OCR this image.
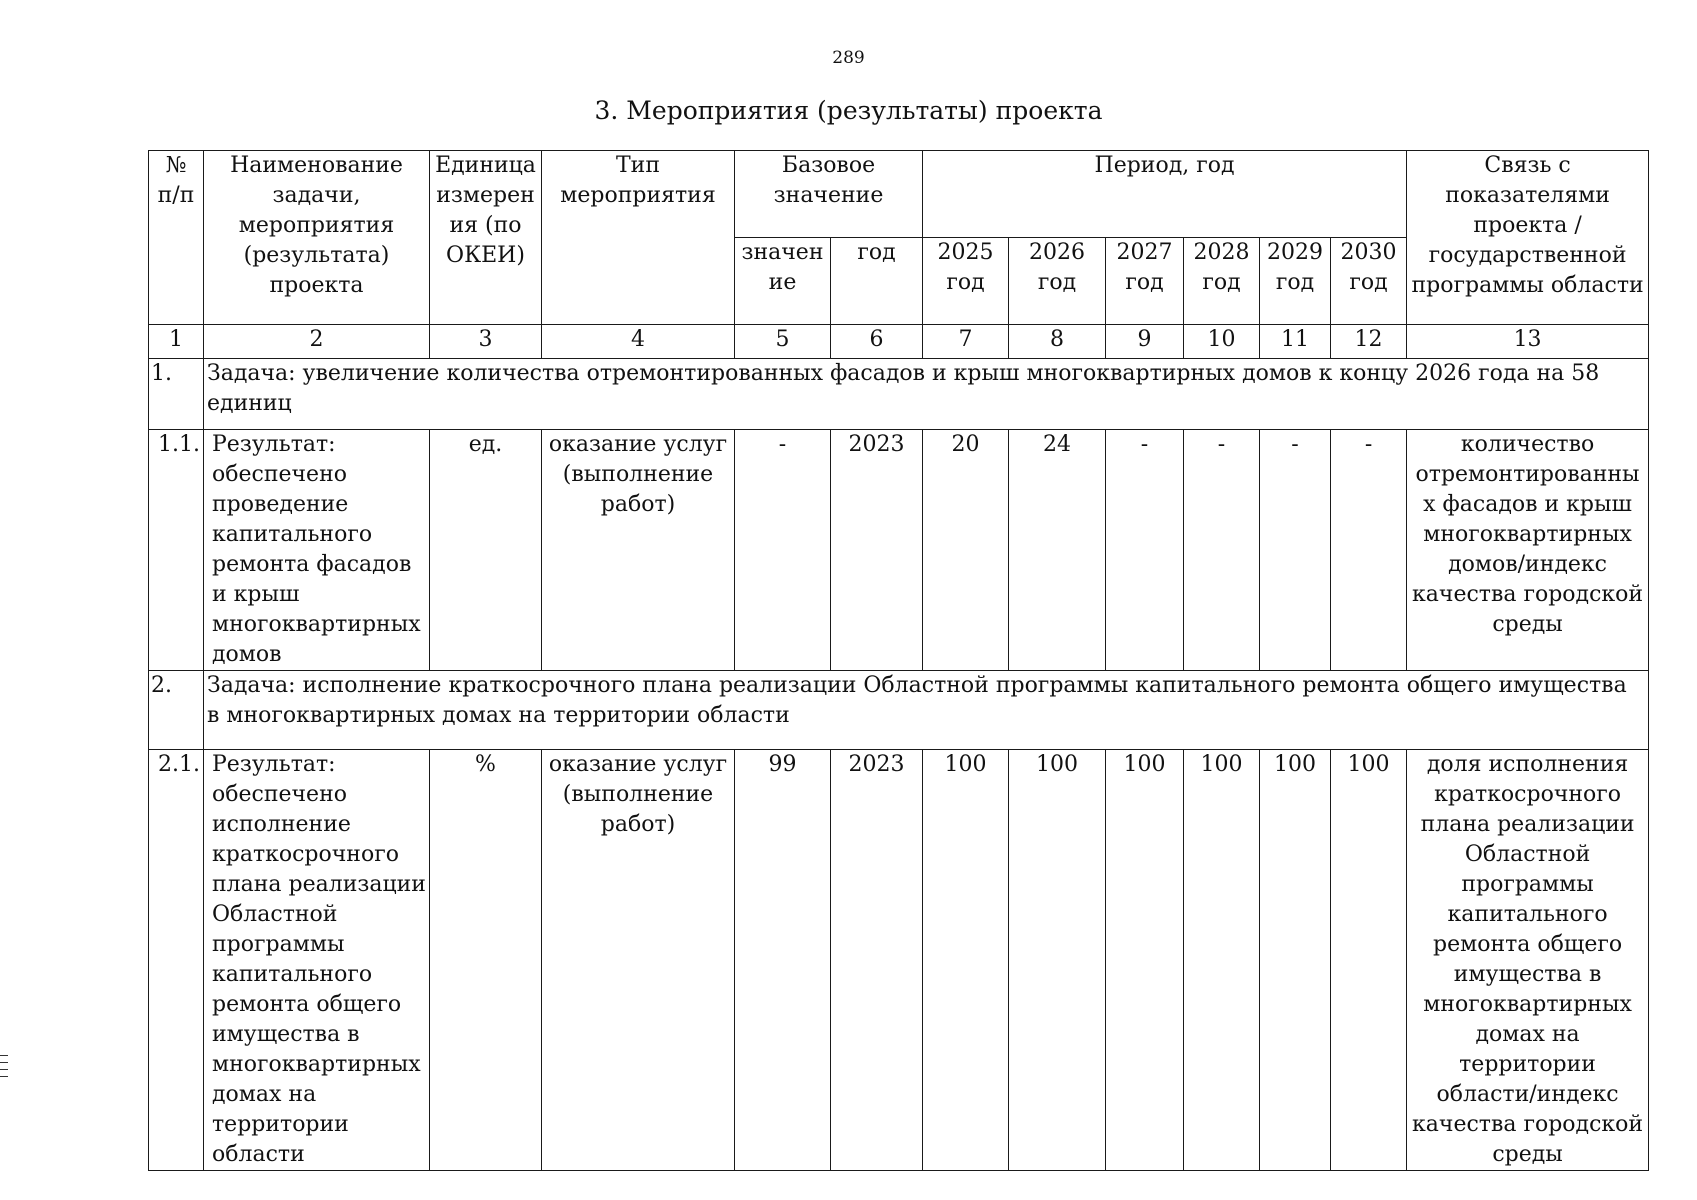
289
3. Мероприятия (результаты) проекта
№ п/п	Наименование задачи, мероприятия (результата) проекта	Единица измерения (по ОКЕИ)	Тип мероприятия	Базовое значение		Период, год						Связь с показателями проекта / государственной программы области
				значение	год	2025 год	2026 год	2027 год	2028 год	2029 год	2030 год	
1	2	3	4	5	6	7	8	9	10	11	12	13
1.	Задача: увеличение количества отремонтированных фасадов и крыш многоквартирных домов к концу 2026 года на 58 единиц											
1.1.	Результат: обеспечено проведение капитального ремонта фасадов и крыш многоквартирных домов	ед.	оказание услуг (выполнение работ)	-	2023	20	24	-	-	-	-	количество отремонтированных фасадов и крыш многоквартирных домов/индекс качества городской среды
2.	Задача: исполнение краткосрочного плана реализации Областной программы капитального ремонта общего имущества в многоквартирных домах на территории области											
2.1.	Результат: обеспечено исполнение краткосрочного плана реализации Областной программы капитального ремонта общего имущества в многоквартирных домах на территории области	%	оказание услуг (выполнение работ)	99	2023	100	100	100	100	100	100	доля исполнения краткосрочного плана реализации Областной программы капитального ремонта общего имущества в многоквартирных домах на территории области/индекс качества городской среды
